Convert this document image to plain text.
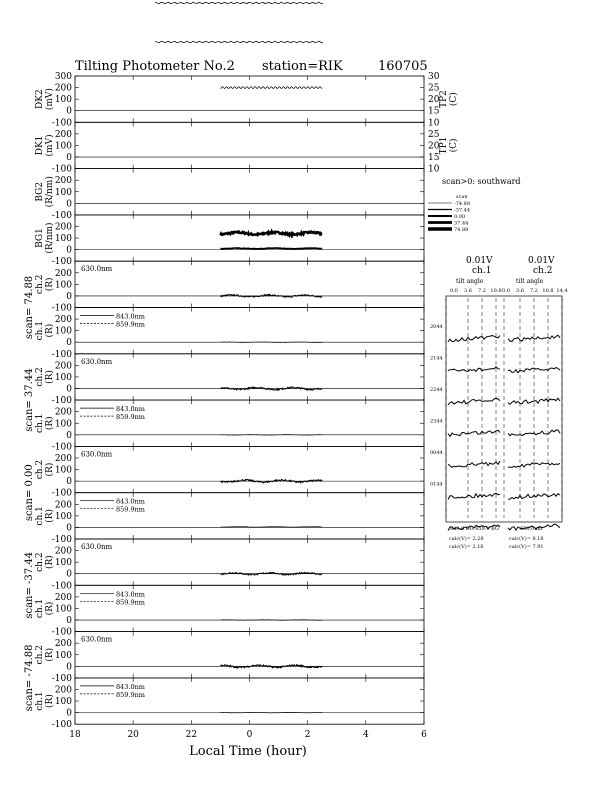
Tilting Photometer No.2 station=RIK	160705
300
200
100
0
-100
DK2 (mV)
30
25
20
15
10
TP2 (C)
200
100
0
-100
DK1 (mV)	25
20
15
10
TP1 (C)
200
100
0
-100
BG2 (R/nm)
200
100
0
-100
BG1 (R/nm)
200
100
0
-100
ch.2 (R)
scan= 74.88
630.0nm
200
100
0
-100
ch.1 (R)
843.0nm
859.9nm
200
100
0
-100
ch.2 (R)
scan= 37.44
630.0nm
200
100
0
-100
ch.1 (R)
843.0nm
859.9nm
200
100
0
-100
ch.2 (R)
scan= 0.00
630.0nm
200
100
0
-100
ch.1 (R)
843.0nm
859.9nm
200
100
0
-100
ch.2 (R)
scan= -37.44
630.0nm
200
100
0
-100
ch.1 (R)
843.0nm
859.9nm
200
100
0
-100
ch.2 (R)
scan= -74.88
630.0nm
200
100
0
-100
ch.1 (R)
843.0nm
859.9nm
18	20	22	0	2	4	6
Local Time (hour)
scan>0: southward
scan
-74.88
-37.44
0.00
37.44
74.88
0.01V
ch.1
tilt angle
0.01V
ch.2
tilt angle
843.0 BG 859.9 BG	630.0nm
calc(V)= 2.28
calc(V)= 2.16
calc(V)= 8.18
calc(V)= 7.91
0.0 3.6 7.2 10.8 0.0 3.6 7.2 10.8 14.4
2044
2144
2244
2344
0044
0144
